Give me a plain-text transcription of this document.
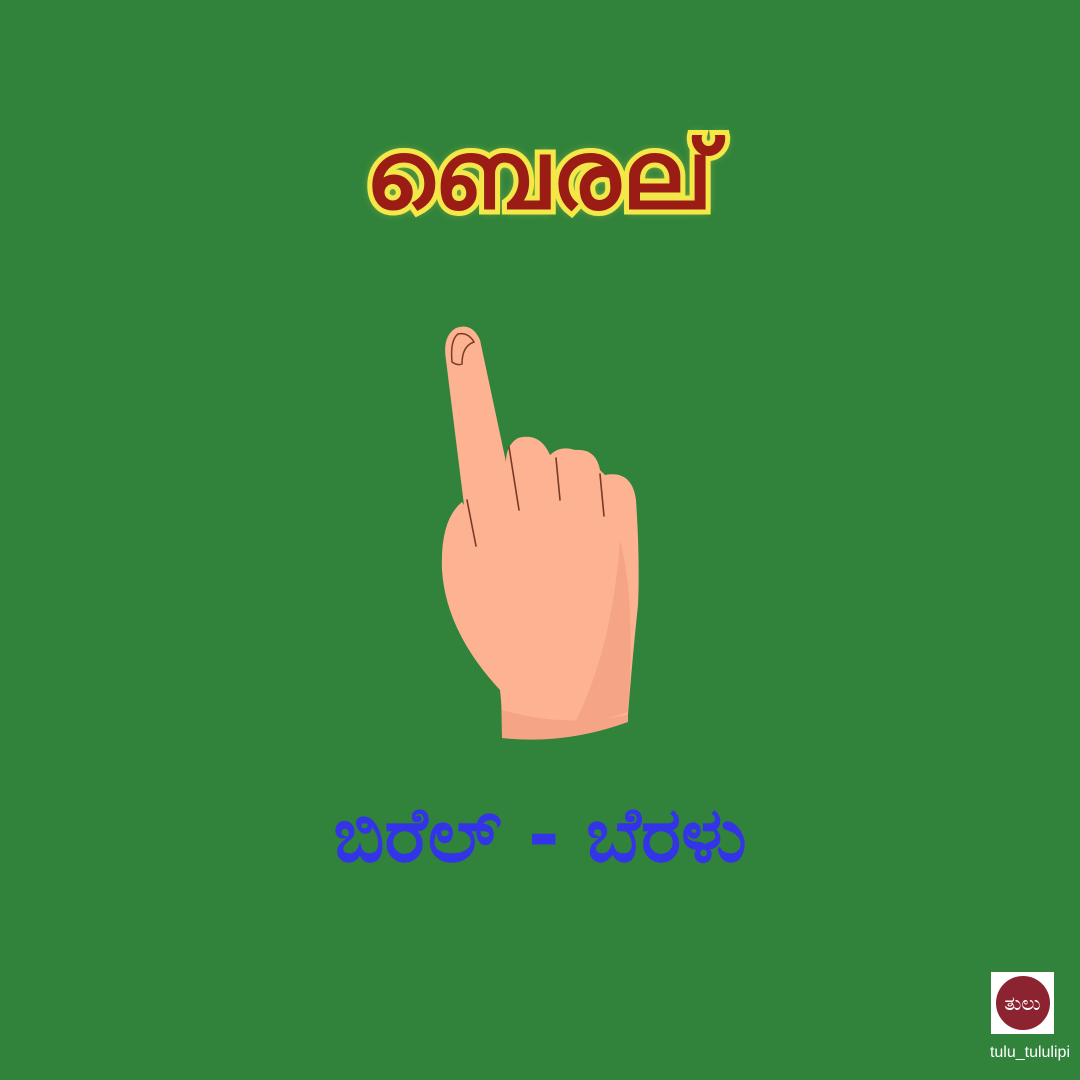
ബെരല്
ಬಿರೆಲ್ - ಬೆರಳು
ತುಲು
tulu_tululipi
